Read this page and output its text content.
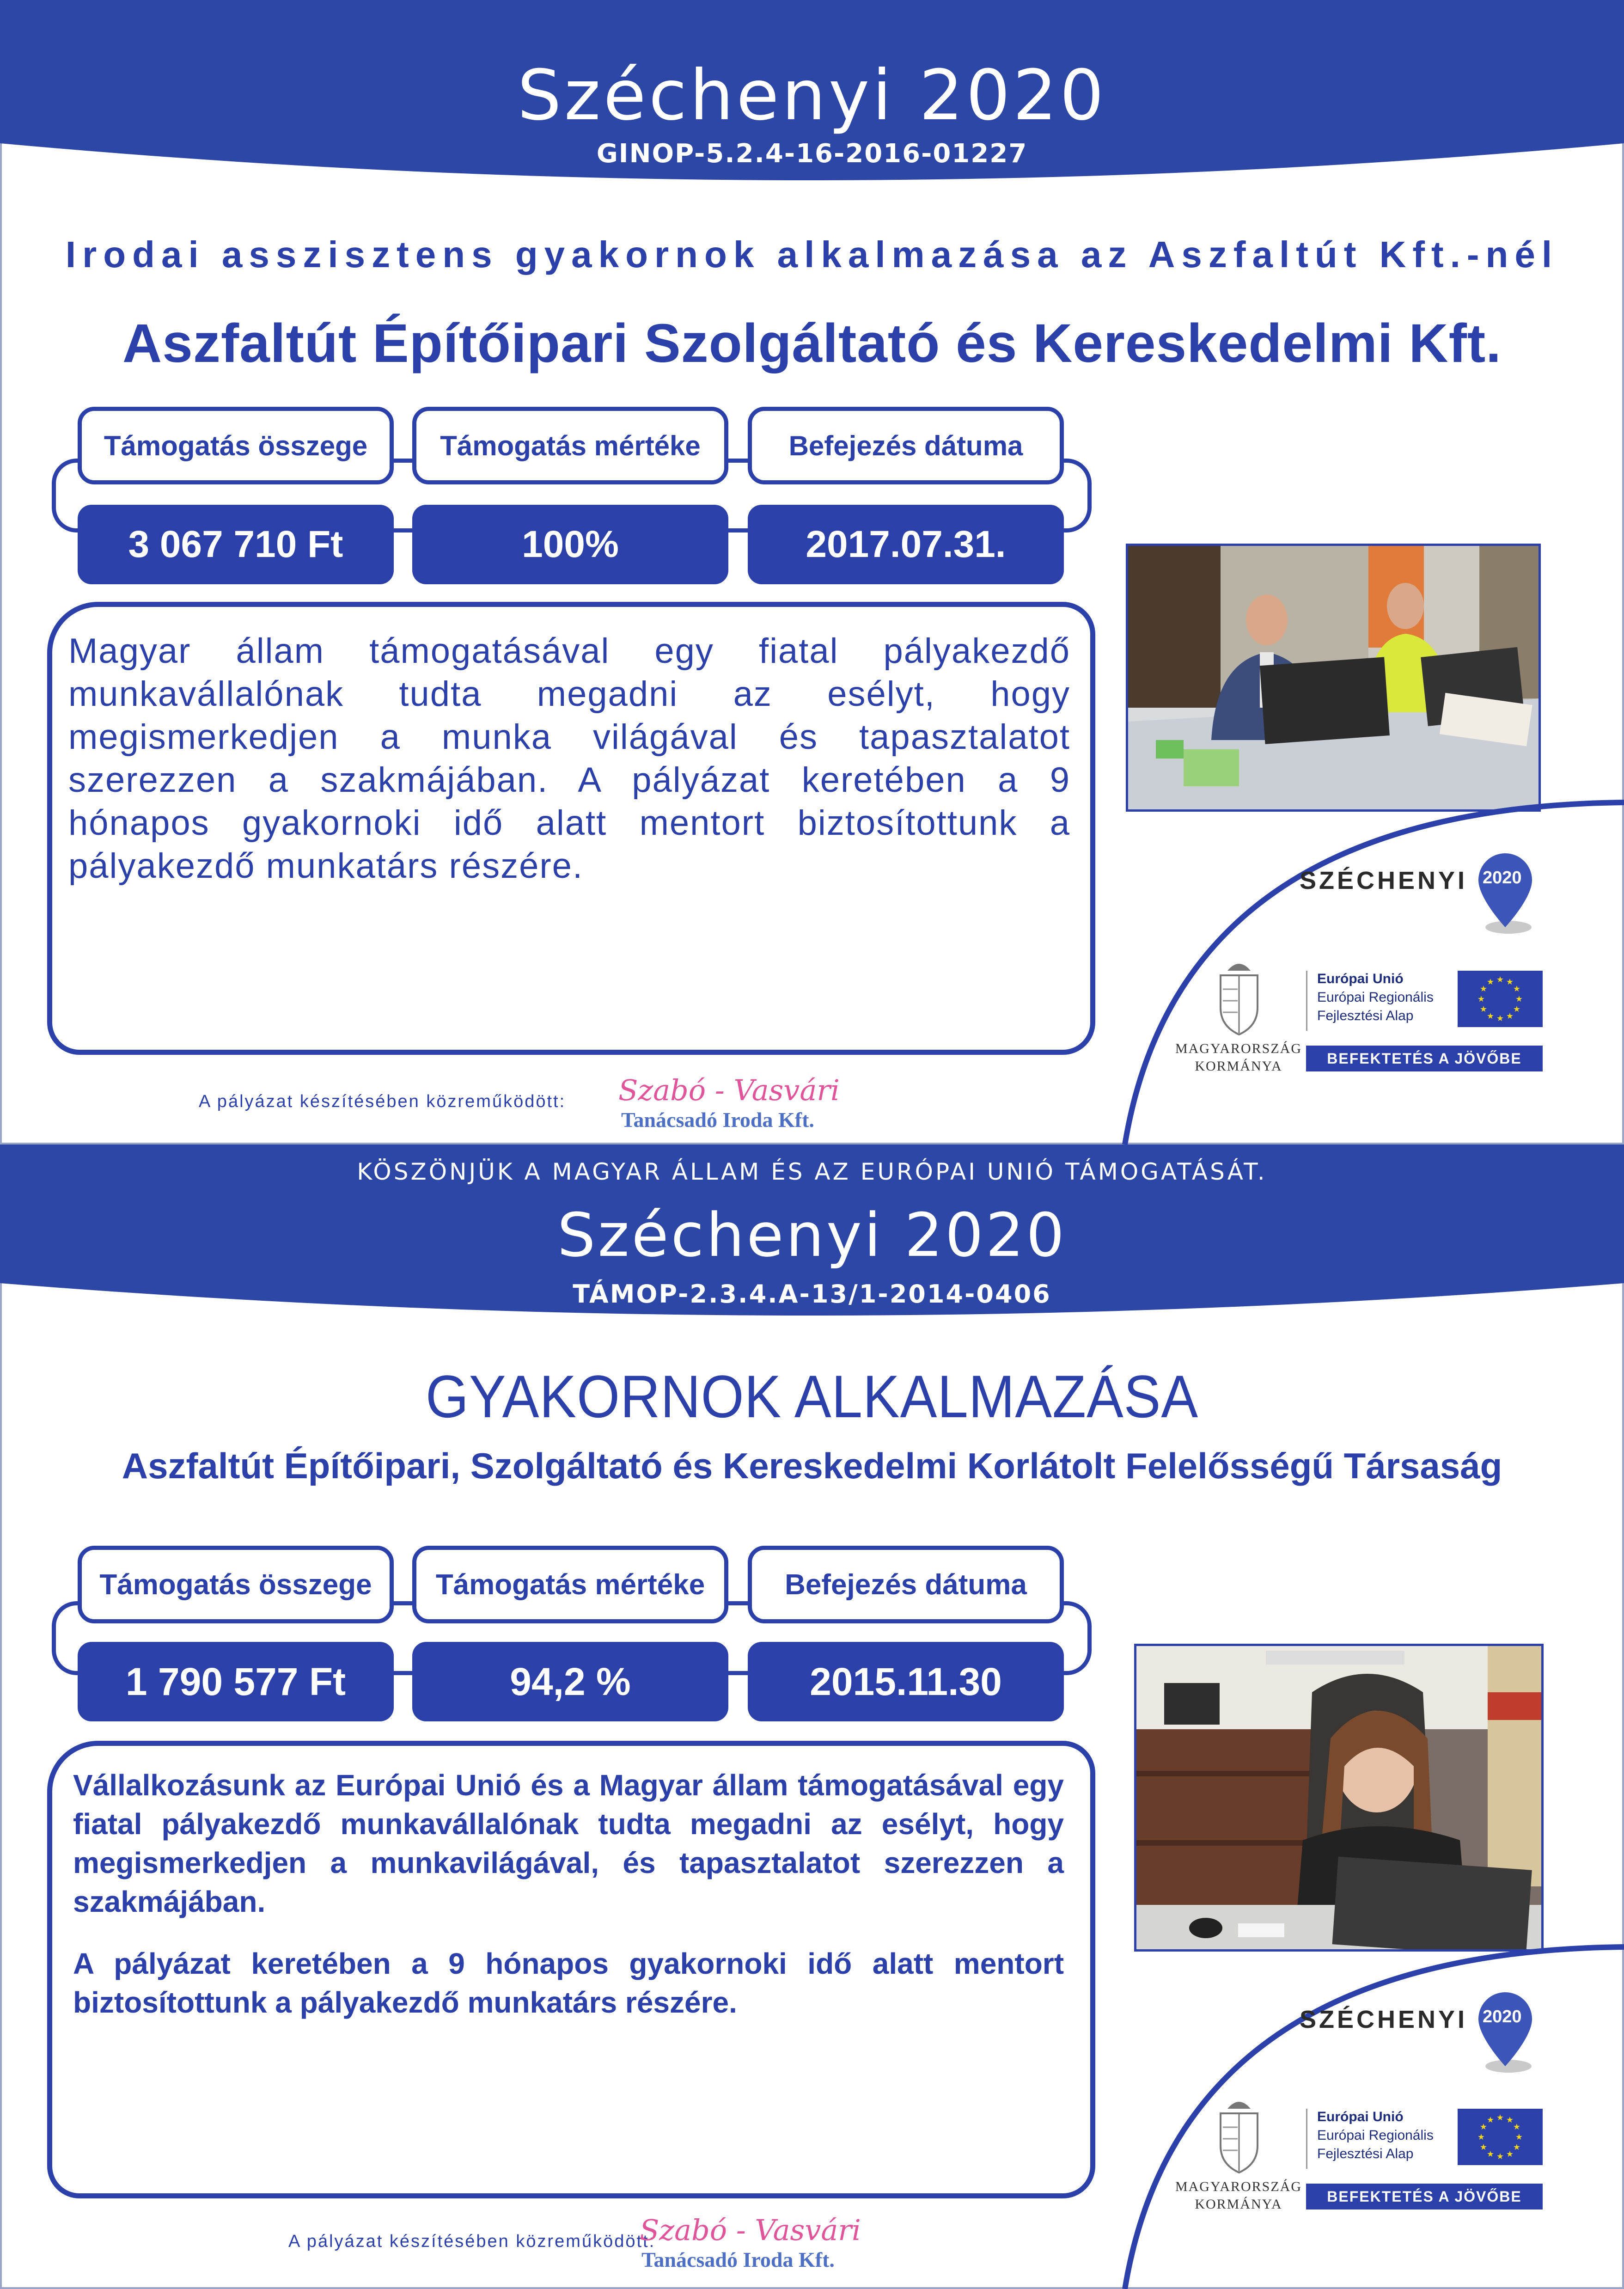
Széchenyi 2020
GINOP-5.2.4-16-2016-01227
Irodai asszisztens gyakornok alkalmazása az Aszfaltút Kft.-nél
Aszfaltút Építőipari Szolgáltató és Kereskedelmi Kft.
Támogatás összege	Támogatás mértéke	Befejezés dátuma
3 067 710 Ft	100%	2017.07.31.
Magyar állam támogatásával egy fiatal pályakezdő munkavállalónak tudta megadni az esélyt, hogy megismerkedjen a munka világával és tapasztalatot szerezzen a szakmájában. A pályázat keretében a 9 hónapos gyakornoki idő alatt mentort biztosítottunk a pályakezdő munkatárs részére.	SZÉCHENYI 2020
MAGYARORSZÁG
KORMÁNYA
Európai Unió
Európai Regionális
Fejlesztési Alap
★ ★
★
★
★
★
★
★
★
★
★
★
BEFEKTETÉS A JÖVŐBE
A pályázat készítésében közreműködött: Szabó - Vasvári
Tanácsadó Iroda Kft.
KÖSZÖNJÜK A MAGYAR ÁLLAM ÉS AZ EURÓPAI UNIÓ TÁMOGATÁSÁT.
Széchenyi 2020
TÁMOP-2.3.4.A-13/1-2014-0406
GYAKORNOK ALKALMAZÁSA
Aszfaltút Építőipari, Szolgáltató és Kereskedelmi Korlátolt Felelősségű Társaság
Támogatás összege	Támogatás mértéke	Befejezés dátuma
1 790 577 Ft	94,2 %	2015.11.30
Vállalkozásunk az Európai Unió és a Magyar állam támogatásával egy fiatal pályakezdő munkavállalónak tudta megadni az esélyt, hogy megismerkedjen a munkavilágával, és tapasztalatot szerezzen a szakmájában.
A pályázat keretében a 9 hónapos gyakornoki idő alatt mentort biztosítottunk a pályakezdő munkatárs részére.
SZÉCHENYI 2020
MAGYARORSZÁG
KORMÁNYA
Európai Unió
Európai Regionális
Fejlesztési Alap
★ ★
★
★
★
★
★
★
★
★
★
★
BEFEKTETÉS A JÖVŐBE
A pályázat készítésében közreműködött:
Szabó - Vasvári
Tanácsadó Iroda Kft.
